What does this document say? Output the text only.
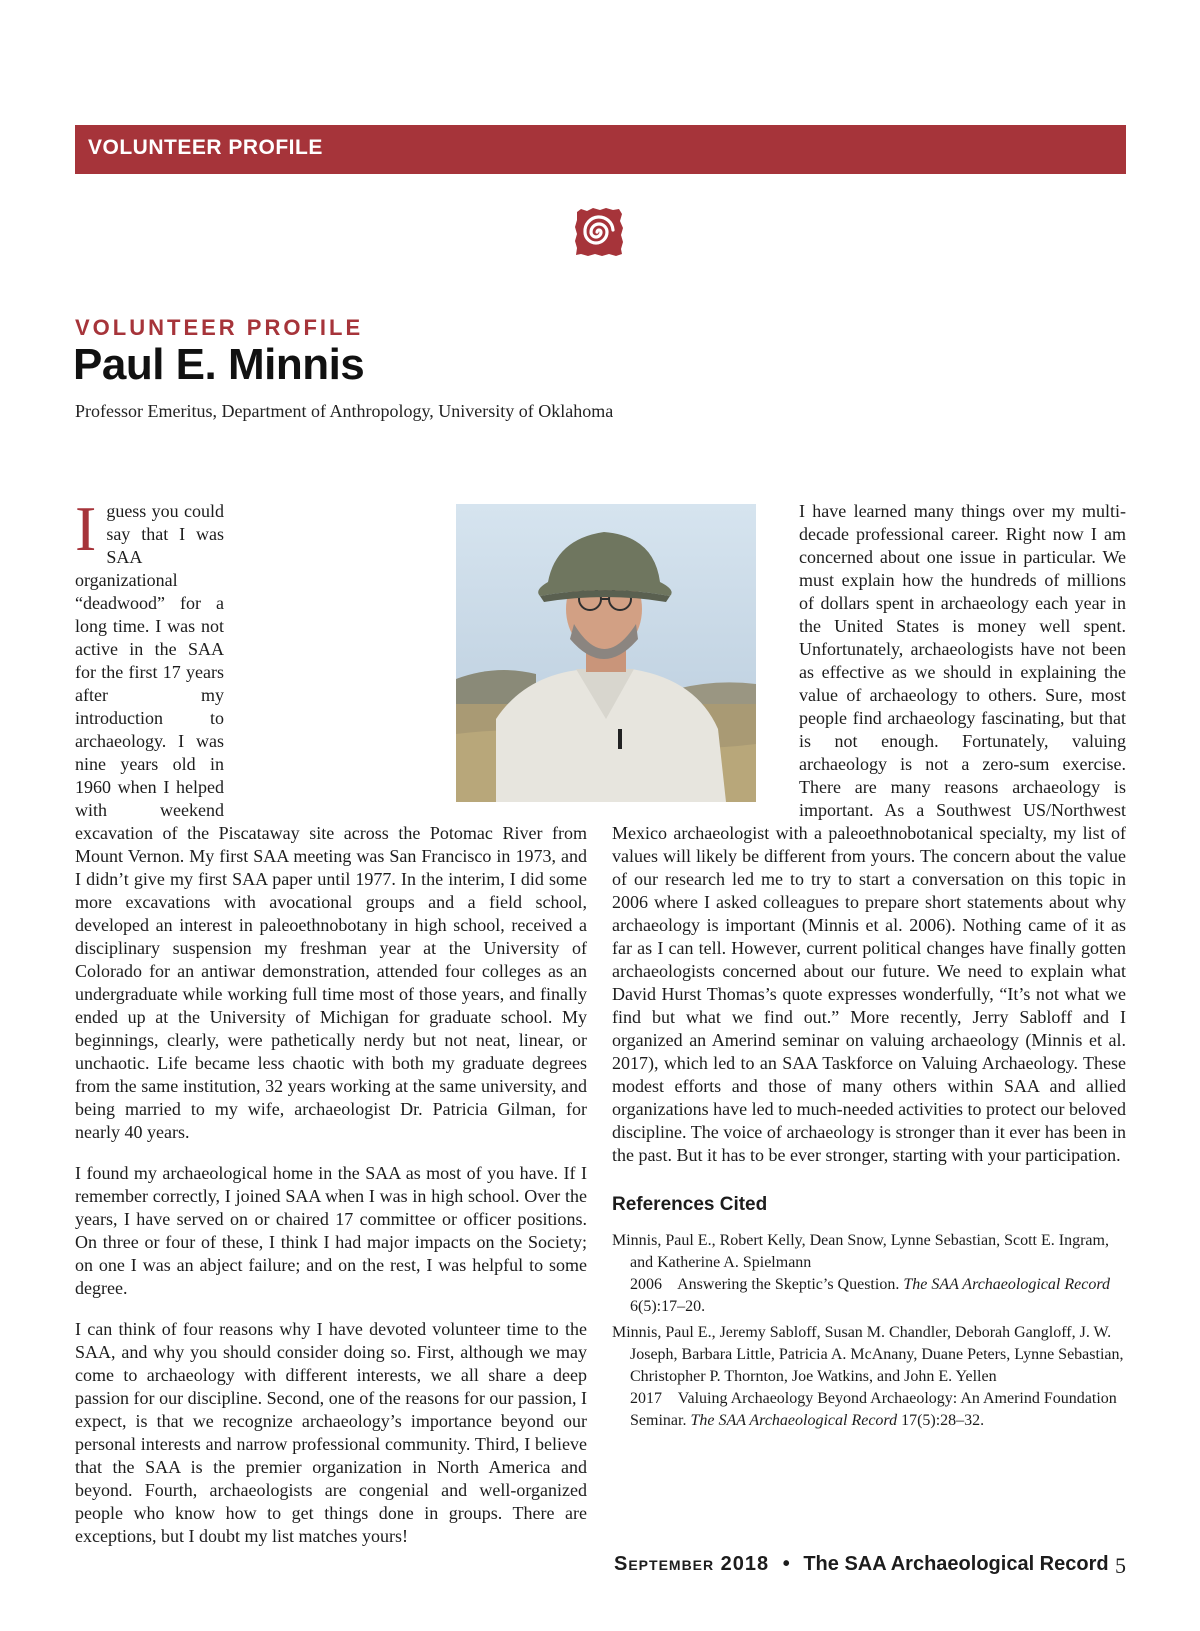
VOLUNTEER PROFILE
VOLUNTEER PROFILE
Paul E. Minnis
Professor Emeritus, Department of Anthropology, University of Oklahoma

I guess you could say that I was SAA organizational “deadwood” for a long time. I was not active in the SAA for the first 17 years after my introduction to archaeology. I was nine years old in 1960 when I helped with weekend excavation of the Piscataway site across the Potomac River from Mount Vernon. My first SAA meeting was San Francisco in 1973, and I didn’t give my first SAA paper until 1977. In the interim, I did some more excavations with avocational groups and a field school, developed an interest in paleoethnobotany in high school, received a disciplinary suspension my freshman year at the University of Colorado for an antiwar demonstration, attended four colleges as an undergraduate while working full time most of those years, and finally ended up at the University of Michigan for graduate school. My beginnings, clearly, were pathetically nerdy but not neat, linear, or unchaotic. Life became less chaotic with both my graduate degrees from the same institution, 32 years working at the same university, and being married to my wife, archaeologist Dr. Patricia Gilman, for nearly 40 years.

I found my archaeological home in the SAA as most of you have. If I remember correctly, I joined SAA when I was in high school. Over the years, I have served on or chaired 17 committee or officer positions. On three or four of these, I think I had major impacts on the Society; on one I was an abject failure; and on the rest, I was helpful to some degree.

I can think of four reasons why I have devoted volunteer time to the SAA, and why you should consider doing so. First, although we may come to archaeology with different interests, we all share a deep passion for our discipline. Second, one of the reasons for our passion, I expect, is that we recognize archaeology’s importance beyond our personal interests and narrow professional community. Third, I believe that the SAA is the premier organization in North America and beyond. Fourth, archaeologists are congenial and well-organized people who know how to get things done in groups. There are exceptions, but I doubt my list matches yours!

I have learned many things over my multi-decade professional career. Right now I am concerned about one issue in particular. We must explain how the hundreds of millions of dollars spent in archaeology each year in the United States is money well spent. Unfortunately, archaeologists have not been as effective as we should in explaining the value of archaeology to others. Sure, most people find archaeology fascinating, but that is not enough. Fortunately, valuing archaeology is not a zero-sum exercise. There are many reasons archaeology is important. As a Southwest US/Northwest Mexico archaeologist with a paleoethnobotanical specialty, my list of values will likely be different from yours. The concern about the value of our research led me to try to start a conversation on this topic in 2006 where I asked colleagues to prepare short statements about why archaeology is important (Minnis et al. 2006). Nothing came of it as far as I can tell. However, current political changes have finally gotten archaeologists concerned about our future. We need to explain what David Hurst Thomas’s quote expresses wonderfully, “It’s not what we find but what we find out.” More recently, Jerry Sabloff and I organized an Amerind seminar on valuing archaeology (Minnis et al. 2017), which led to an SAA Taskforce on Valuing Archaeology. These modest efforts and those of many others within SAA and allied organizations have led to much-needed activities to protect our beloved discipline. The voice of archaeology is stronger than it ever has been in the past. But it has to be ever stronger, starting with your participation.

References Cited
Minnis, Paul E., Robert Kelly, Dean Snow, Lynne Sebastian, Scott E. Ingram, and Katherine A. Spielmann
2006 Answering the Skeptic’s Question. The SAA Archaeological Record 6(5):17–20.
Minnis, Paul E., Jeremy Sabloff, Susan M. Chandler, Deborah Gangloff, J. W. Joseph, Barbara Little, Patricia A. McAnany, Duane Peters, Lynne Sebastian, Christopher P. Thornton, Joe Watkins, and John E. Yellen
2017 Valuing Archaeology Beyond Archaeology: An Amerind Foundation Seminar. The SAA Archaeological Record 17(5):28–32.
September 2018 • The SAA Archaeological Record 5
